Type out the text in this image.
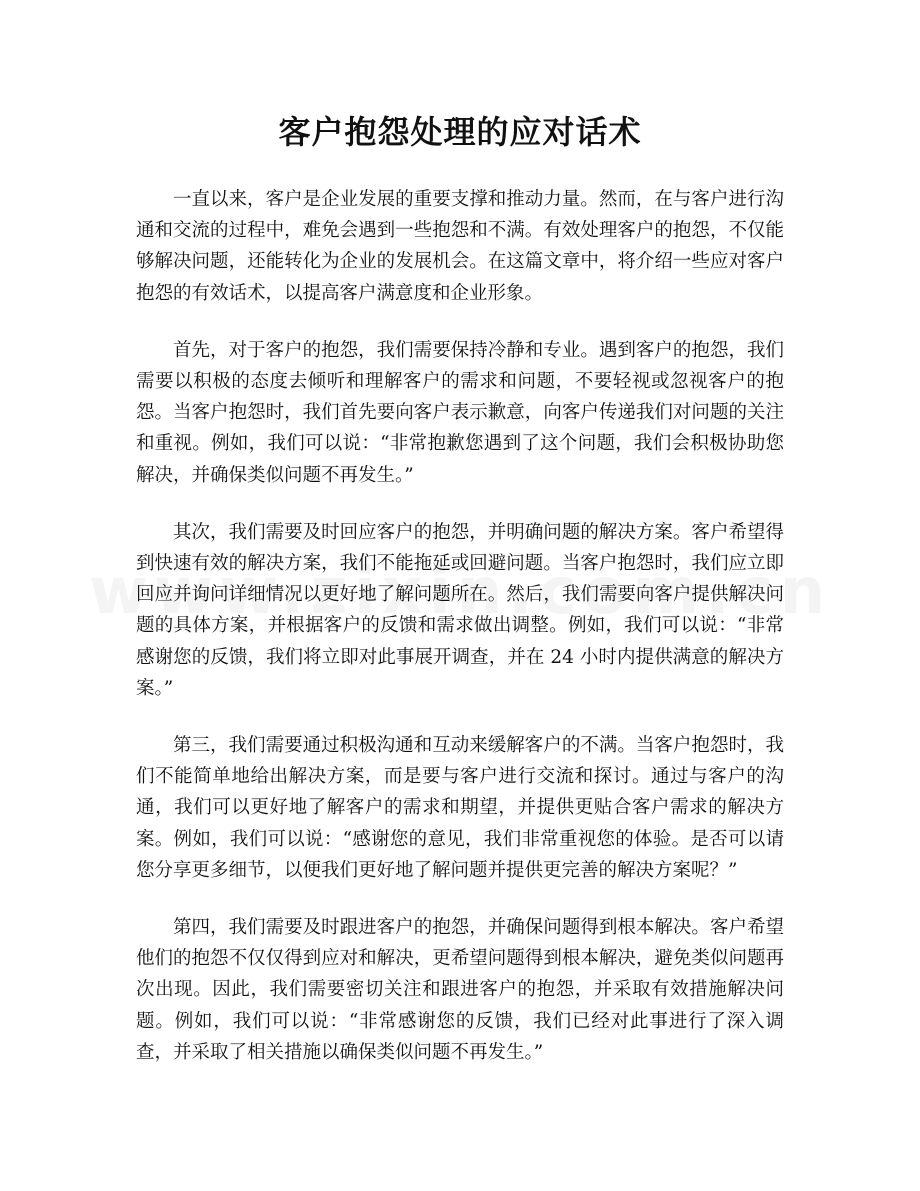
客户抱怨处理的应对话术

一直以来，客户是企业发展的重要支撑和推动力量。然而，在与客户进行沟通和交流的过程中，难免会遇到一些抱怨和不满。有效处理客户的抱怨，不仅能够解决问题，还能转化为企业的发展机会。在这篇文章中，将介绍一些应对客户抱怨的有效话术，以提高客户满意度和企业形象。

首先，对于客户的抱怨，我们需要保持冷静和专业。遇到客户的抱怨，我们需要以积极的态度去倾听和理解客户的需求和问题，不要轻视或忽视客户的抱怨。当客户抱怨时，我们首先要向客户表示歉意，向客户传递我们对问题的关注和重视。例如，我们可以说：“非常抱歉您遇到了这个问题，我们会积极协助您解决，并确保类似问题不再发生。”

其次，我们需要及时回应客户的抱怨，并明确问题的解决方案。客户希望得到快速有效的解决方案，我们不能拖延或回避问题。当客户抱怨时，我们应立即回应并询问详细情况以更好地了解问题所在。然后，我们需要向客户提供解决问题的具体方案，并根据客户的反馈和需求做出调整。例如，我们可以说：“非常感谢您的反馈，我们将立即对此事展开调查，并在 24 小时内提供满意的解决方案。”

第三，我们需要通过积极沟通和互动来缓解客户的不满。当客户抱怨时，我们不能简单地给出解决方案，而是要与客户进行交流和探讨。通过与客户的沟通，我们可以更好地了解客户的需求和期望，并提供更贴合客户需求的解决方案。例如，我们可以说：“感谢您的意见，我们非常重视您的体验。是否可以请您分享更多细节，以便我们更好地了解问题并提供更完善的解决方案呢？”

第四，我们需要及时跟进客户的抱怨，并确保问题得到根本解决。客户希望他们的抱怨不仅仅得到应对和解决，更希望问题得到根本解决，避免类似问题再次出现。因此，我们需要密切关注和跟进客户的抱怨，并采取有效措施解决问题。例如，我们可以说：“非常感谢您的反馈，我们已经对此事进行了深入调查，并采取了相关措施以确保类似问题不再发生。”
